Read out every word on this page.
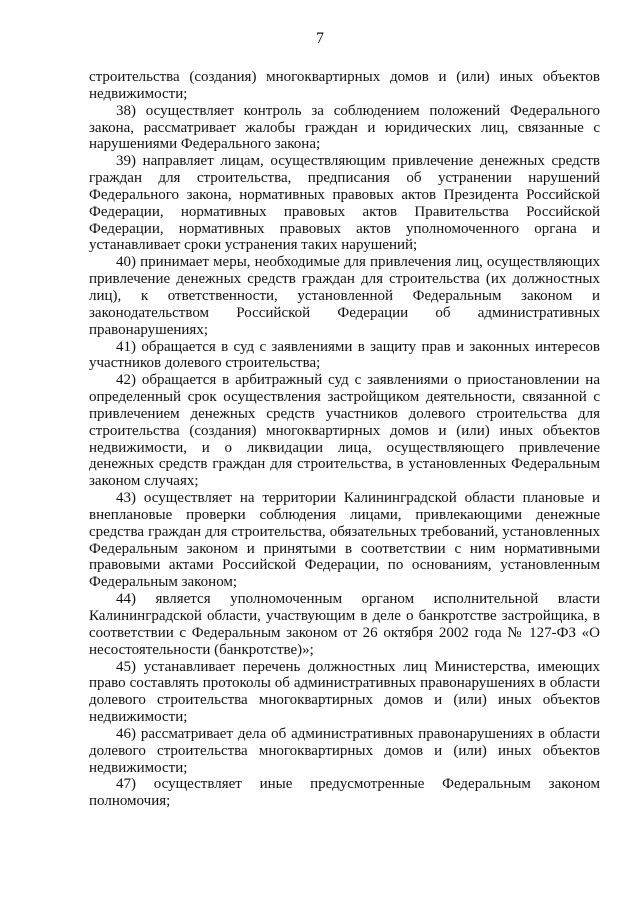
7

строительства (создания) многоквартирных домов и (или) иных объектов недвижимости;

38) осуществляет контроль за соблюдением положений Федерального закона, рассматривает жалобы граждан и юридических лиц, связанные с нарушениями Федерального закона;

39) направляет лицам, осуществляющим привлечение денежных средств граждан для строительства, предписания об устранении нарушений Федерального закона, нормативных правовых актов Президента Российской Федерации, нормативных правовых актов Правительства Российской Федерации, нормативных правовых актов уполномоченного органа и устанавливает сроки устранения таких нарушений;

40) принимает меры, необходимые для привлечения лиц, осуществляющих привлечение денежных средств граждан для строительства (их должностных лиц), к ответственности, установленной Федеральным законом и законодательством Российской Федерации об административных правонарушениях;

41) обращается в суд с заявлениями в защиту прав и законных интересов участников долевого строительства;

42) обращается в арбитражный суд с заявлениями о приостановлении на определенный срок осуществления застройщиком деятельности, связанной с привлечением денежных средств участников долевого строительства для строительства (создания) многоквартирных домов и (или) иных объектов недвижимости, и о ликвидации лица, осуществляющего привлечение денежных средств граждан для строительства, в установленных Федеральным законом случаях;

43) осуществляет на территории Калининградской области плановые и внеплановые проверки соблюдения лицами, привлекающими денежные средства граждан для строительства, обязательных требований, установленных Федеральным законом и принятыми в соответствии с ним нормативными правовыми актами Российской Федерации, по основаниям, установленным Федеральным законом;

44) является уполномоченным органом исполнительной власти Калининградской области, участвующим в деле о банкротстве застройщика, в соответствии с Федеральным законом от 26 октября 2002 года № 127-ФЗ «О несостоятельности (банкротстве)»;

45) устанавливает перечень должностных лиц Министерства, имеющих право составлять протоколы об административных правонарушениях в области долевого строительства многоквартирных домов и (или) иных объектов недвижимости;

46) рассматривает дела об административных правонарушениях в области долевого строительства многоквартирных домов и (или) иных объектов недвижимости;

47) осуществляет иные предусмотренные Федеральным законом полномочия;
